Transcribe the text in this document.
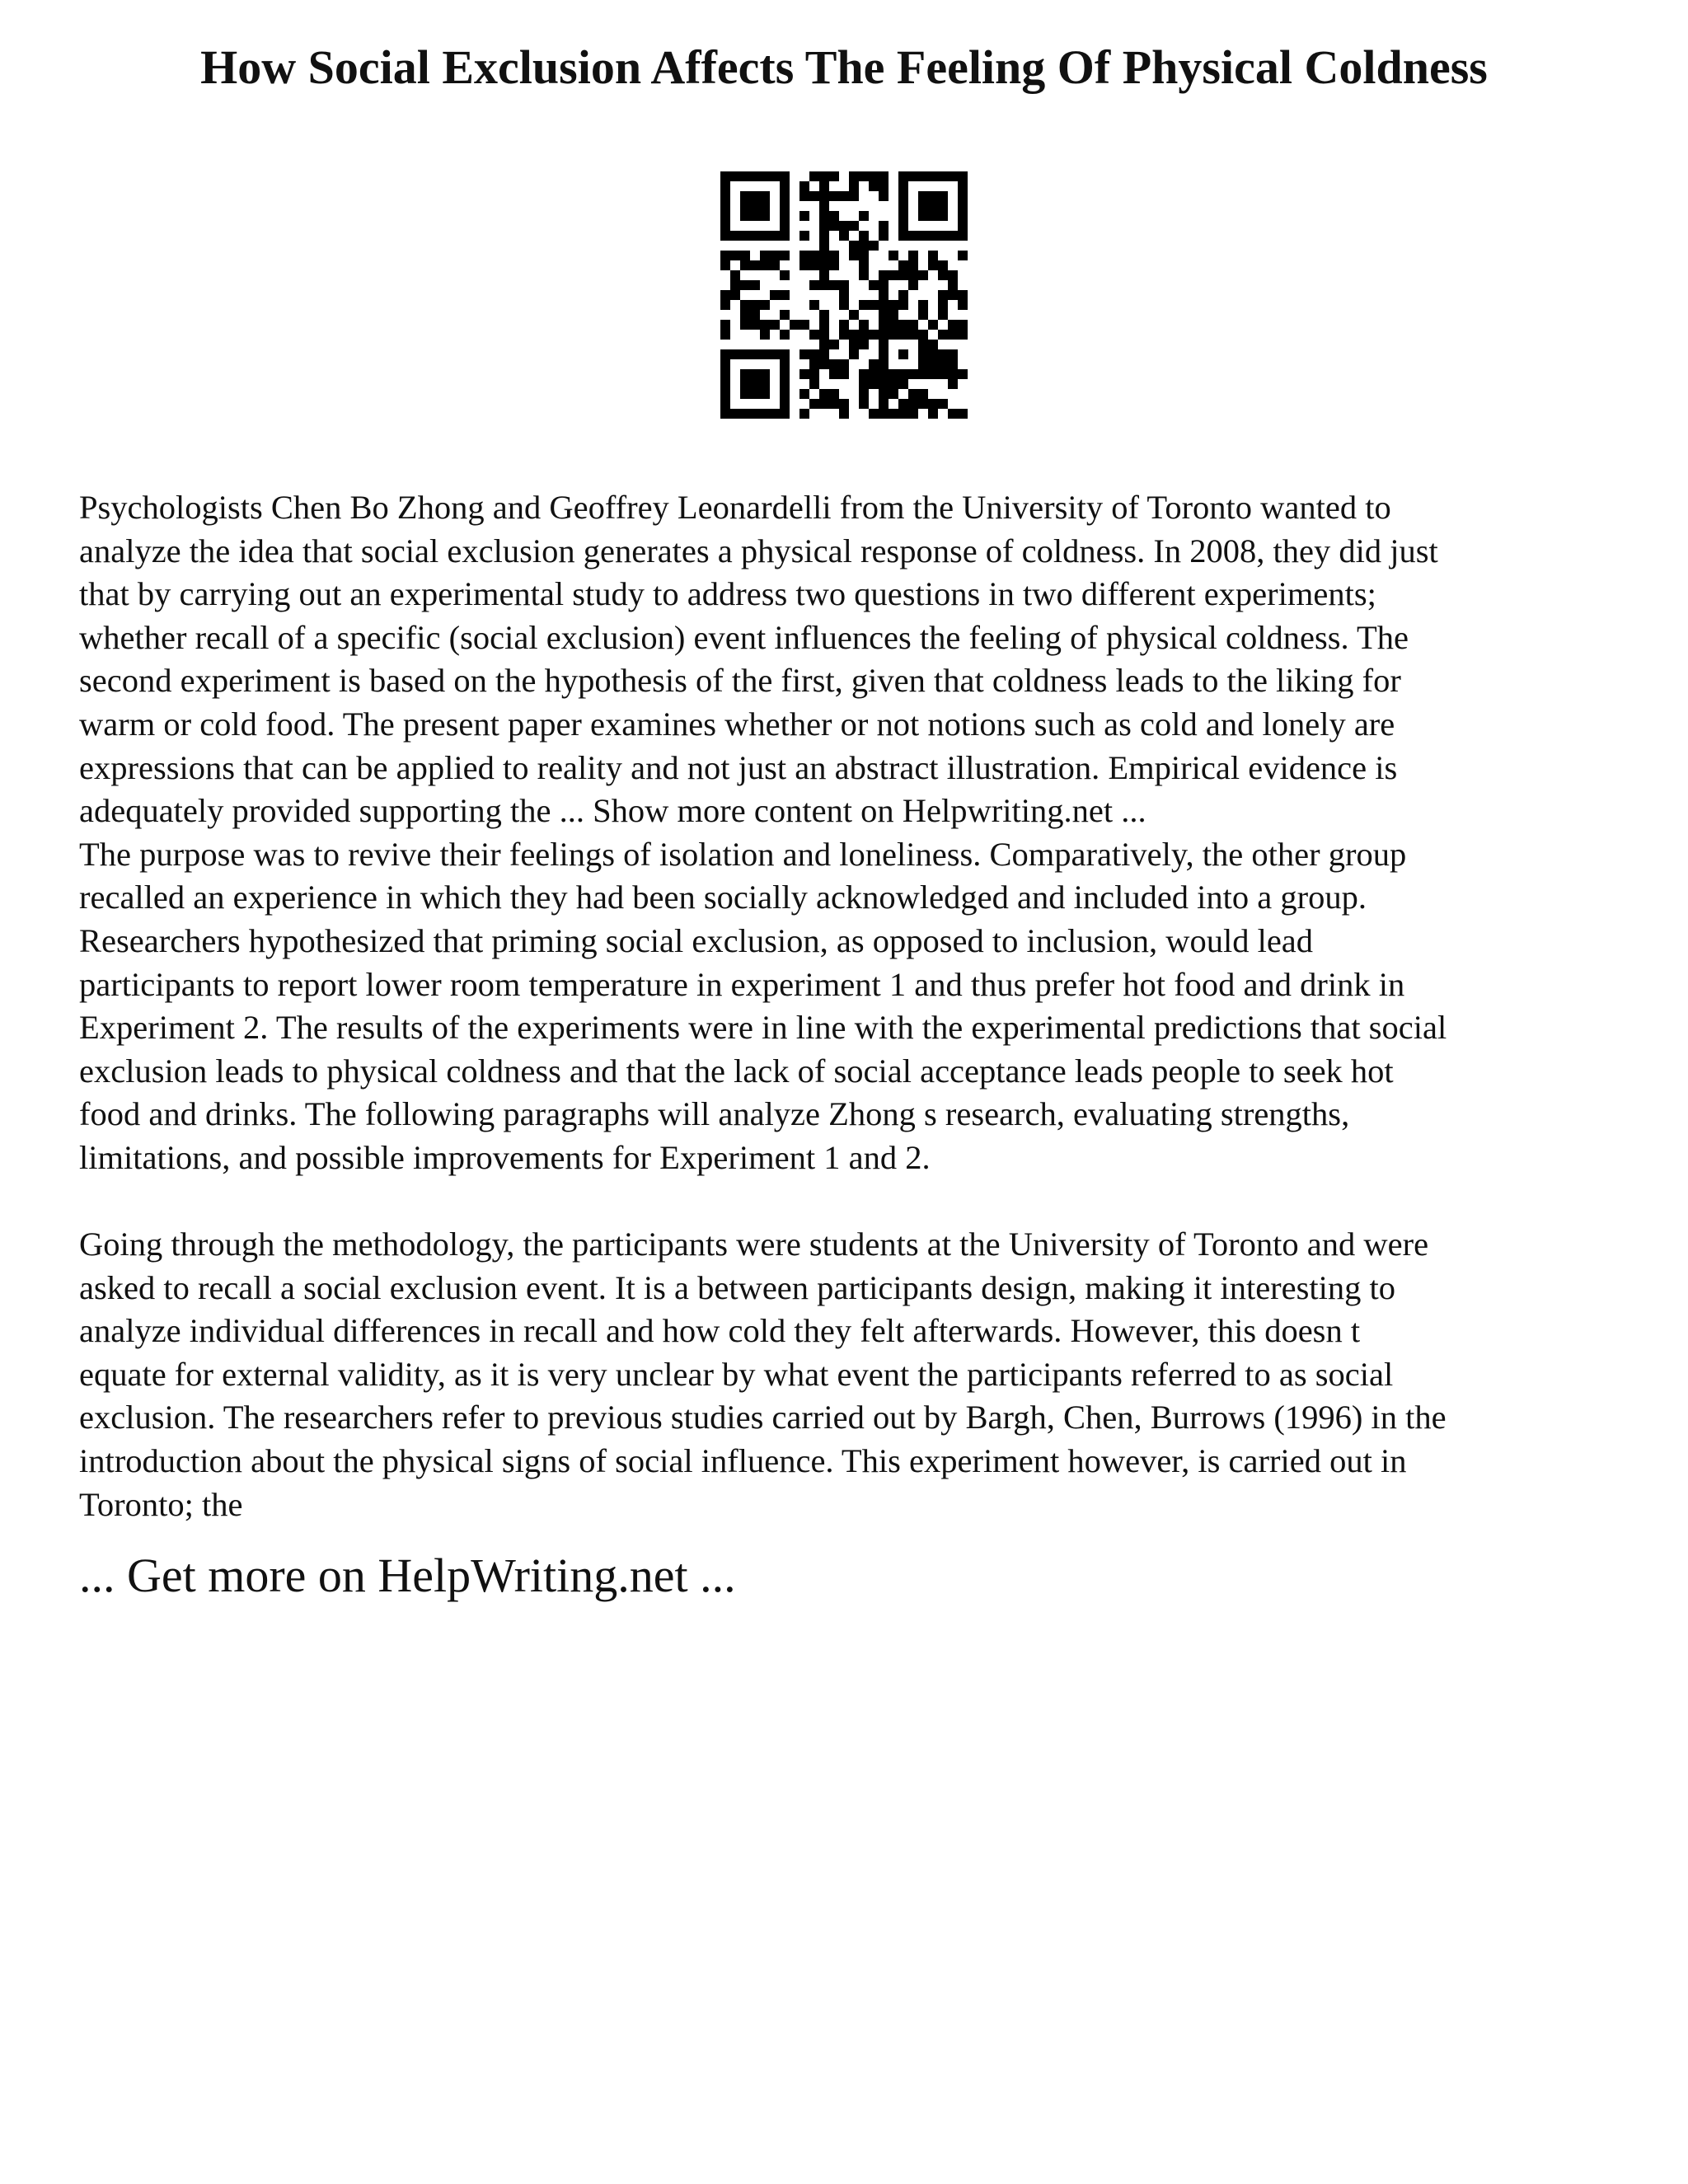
How Social Exclusion Affects The Feeling Of Physical Coldness
Psychologists Chen Bo Zhong and Geoffrey Leonardelli from the University of Toronto wanted to
analyze the idea that social exclusion generates a physical response of coldness. In 2008, they did just
that by carrying out an experimental study to address two questions in two different experiments;
whether recall of a specific (social exclusion) event influences the feeling of physical coldness. The
second experiment is based on the hypothesis of the first, given that coldness leads to the liking for
warm or cold food. The present paper examines whether or not notions such as cold and lonely are
expressions that can be applied to reality and not just an abstract illustration. Empirical evidence is
adequately provided supporting the ... Show more content on Helpwriting.net ...
The purpose was to revive their feelings of isolation and loneliness. Comparatively, the other group
recalled an experience in which they had been socially acknowledged and included into a group.
Researchers hypothesized that priming social exclusion, as opposed to inclusion, would lead
participants to report lower room temperature in experiment 1 and thus prefer hot food and drink in
Experiment 2. The results of the experiments were in line with the experimental predictions that social
exclusion leads to physical coldness and that the lack of social acceptance leads people to seek hot
food and drinks. The following paragraphs will analyze Zhong s research, evaluating strengths,
limitations, and possible improvements for Experiment 1 and 2.
Going through the methodology, the participants were students at the University of Toronto and were
asked to recall a social exclusion event. It is a between participants design, making it interesting to
analyze individual differences in recall and how cold they felt afterwards. However, this doesn t
equate for external validity, as it is very unclear by what event the participants referred to as social
exclusion. The researchers refer to previous studies carried out by Bargh, Chen, Burrows (1996) in the
introduction about the physical signs of social influence. This experiment however, is carried out in
Toronto; the

... Get more on HelpWriting.net ...
